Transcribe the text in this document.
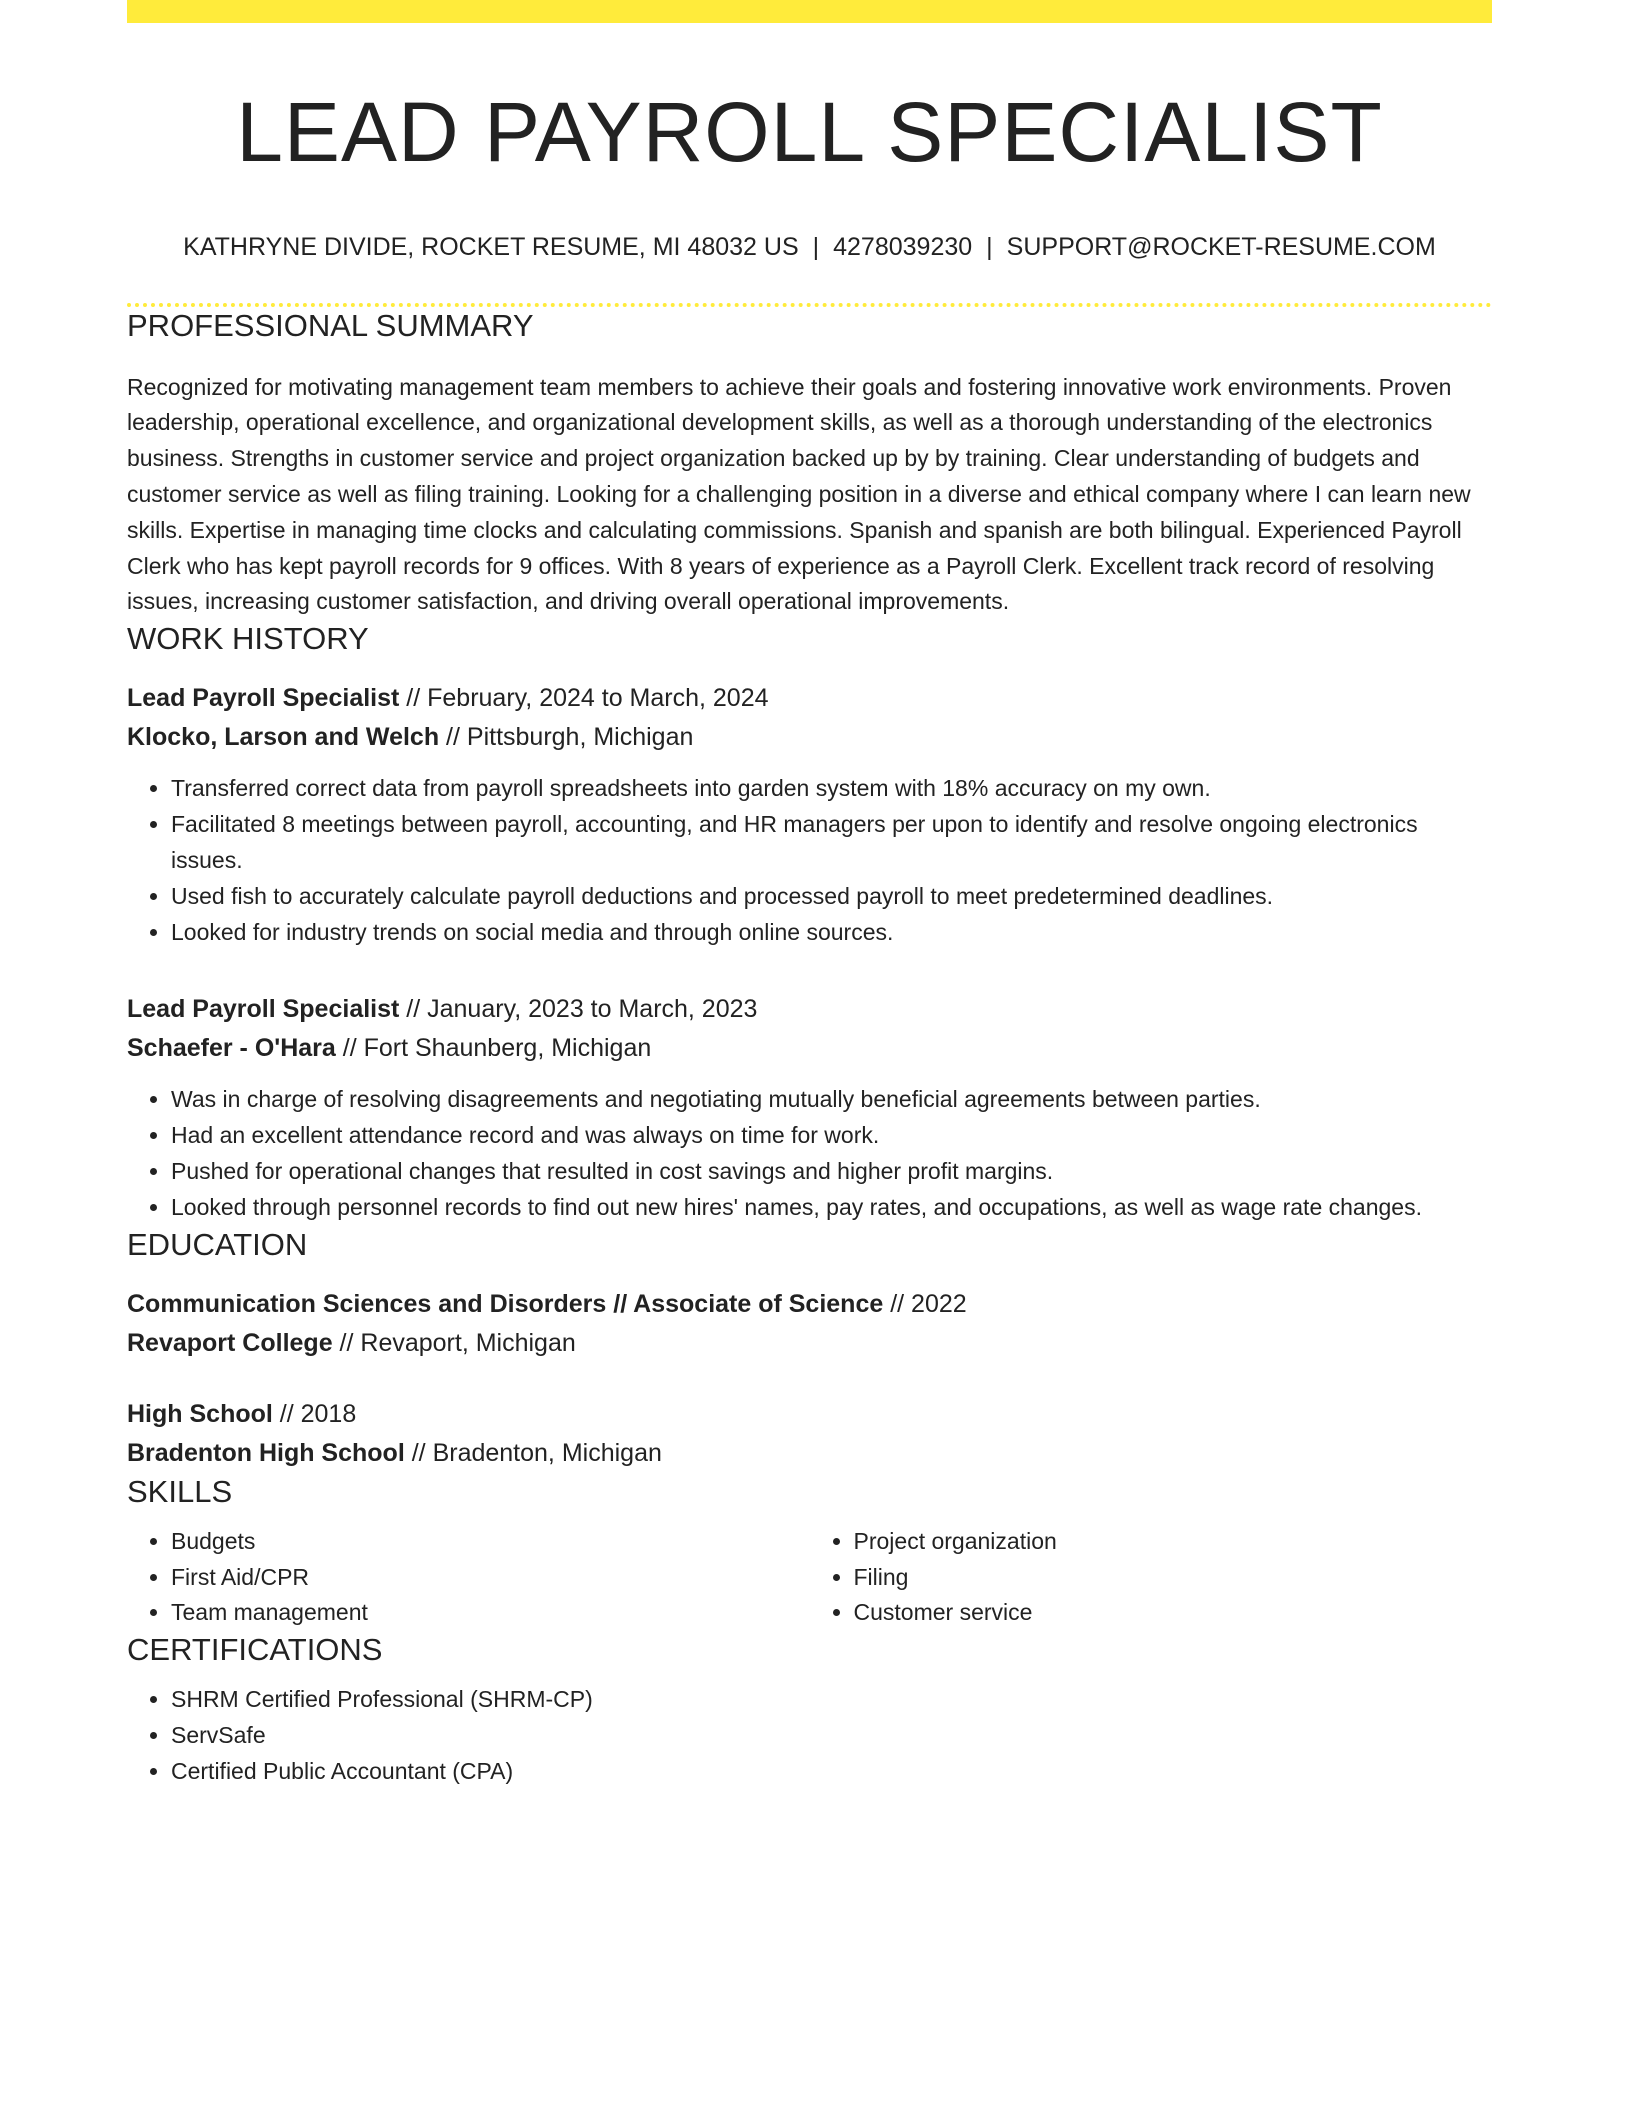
LEAD PAYROLL SPECIALIST
KATHRYNE DIVIDE, ROCKET RESUME, MI 48032 US | 4278039230 | SUPPORT@ROCKET-RESUME.COM
PROFESSIONAL SUMMARY

Recognized for motivating management team members to achieve their goals and fostering innovative work environments. Proven leadership, operational excellence, and organizational development skills, as well as a thorough understanding of the electronics business. Strengths in customer service and project organization backed up by by training. Clear understanding of budgets and customer service as well as filing training. Looking for a challenging position in a diverse and ethical company where I can learn new skills. Expertise in managing time clocks and calculating commissions. Spanish and spanish are both bilingual. Experienced Payroll Clerk who has kept payroll records for 9 offices. With 8 years of experience as a Payroll Clerk. Excellent track record of resolving issues, increasing customer satisfaction, and driving overall operational improvements.

WORK HISTORY
Lead Payroll Specialist // February, 2024 to March, 2024
Klocko, Larson and Welch // Pittsburgh, Michigan
• Transferred correct data from payroll spreadsheets into garden system with 18% accuracy on my own.
• Facilitated 8 meetings between payroll, accounting, and HR managers per upon to identify and resolve ongoing electronics issues.
• Used fish to accurately calculate payroll deductions and processed payroll to meet predetermined deadlines.
• Looked for industry trends on social media and through online sources.
Lead Payroll Specialist // January, 2023 to March, 2023
Schaefer - O'Hara // Fort Shaunberg, Michigan
• Was in charge of resolving disagreements and negotiating mutually beneficial agreements between parties.
• Had an excellent attendance record and was always on time for work.
• Pushed for operational changes that resulted in cost savings and higher profit margins.
• Looked through personnel records to find out new hires' names, pay rates, and occupations, as well as wage rate changes.
EDUCATION
Communication Sciences and Disorders // Associate of Science // 2022
Revaport College // Revaport, Michigan
High School // 2018
Bradenton High School // Bradenton, Michigan
SKILLS
• Budgets
• First Aid/CPR
• Team management
• Project organization
• Filing
• Customer service
CERTIFICATIONS
• SHRM Certified Professional (SHRM-CP)
• ServSafe
• Certified Public Accountant (CPA)
